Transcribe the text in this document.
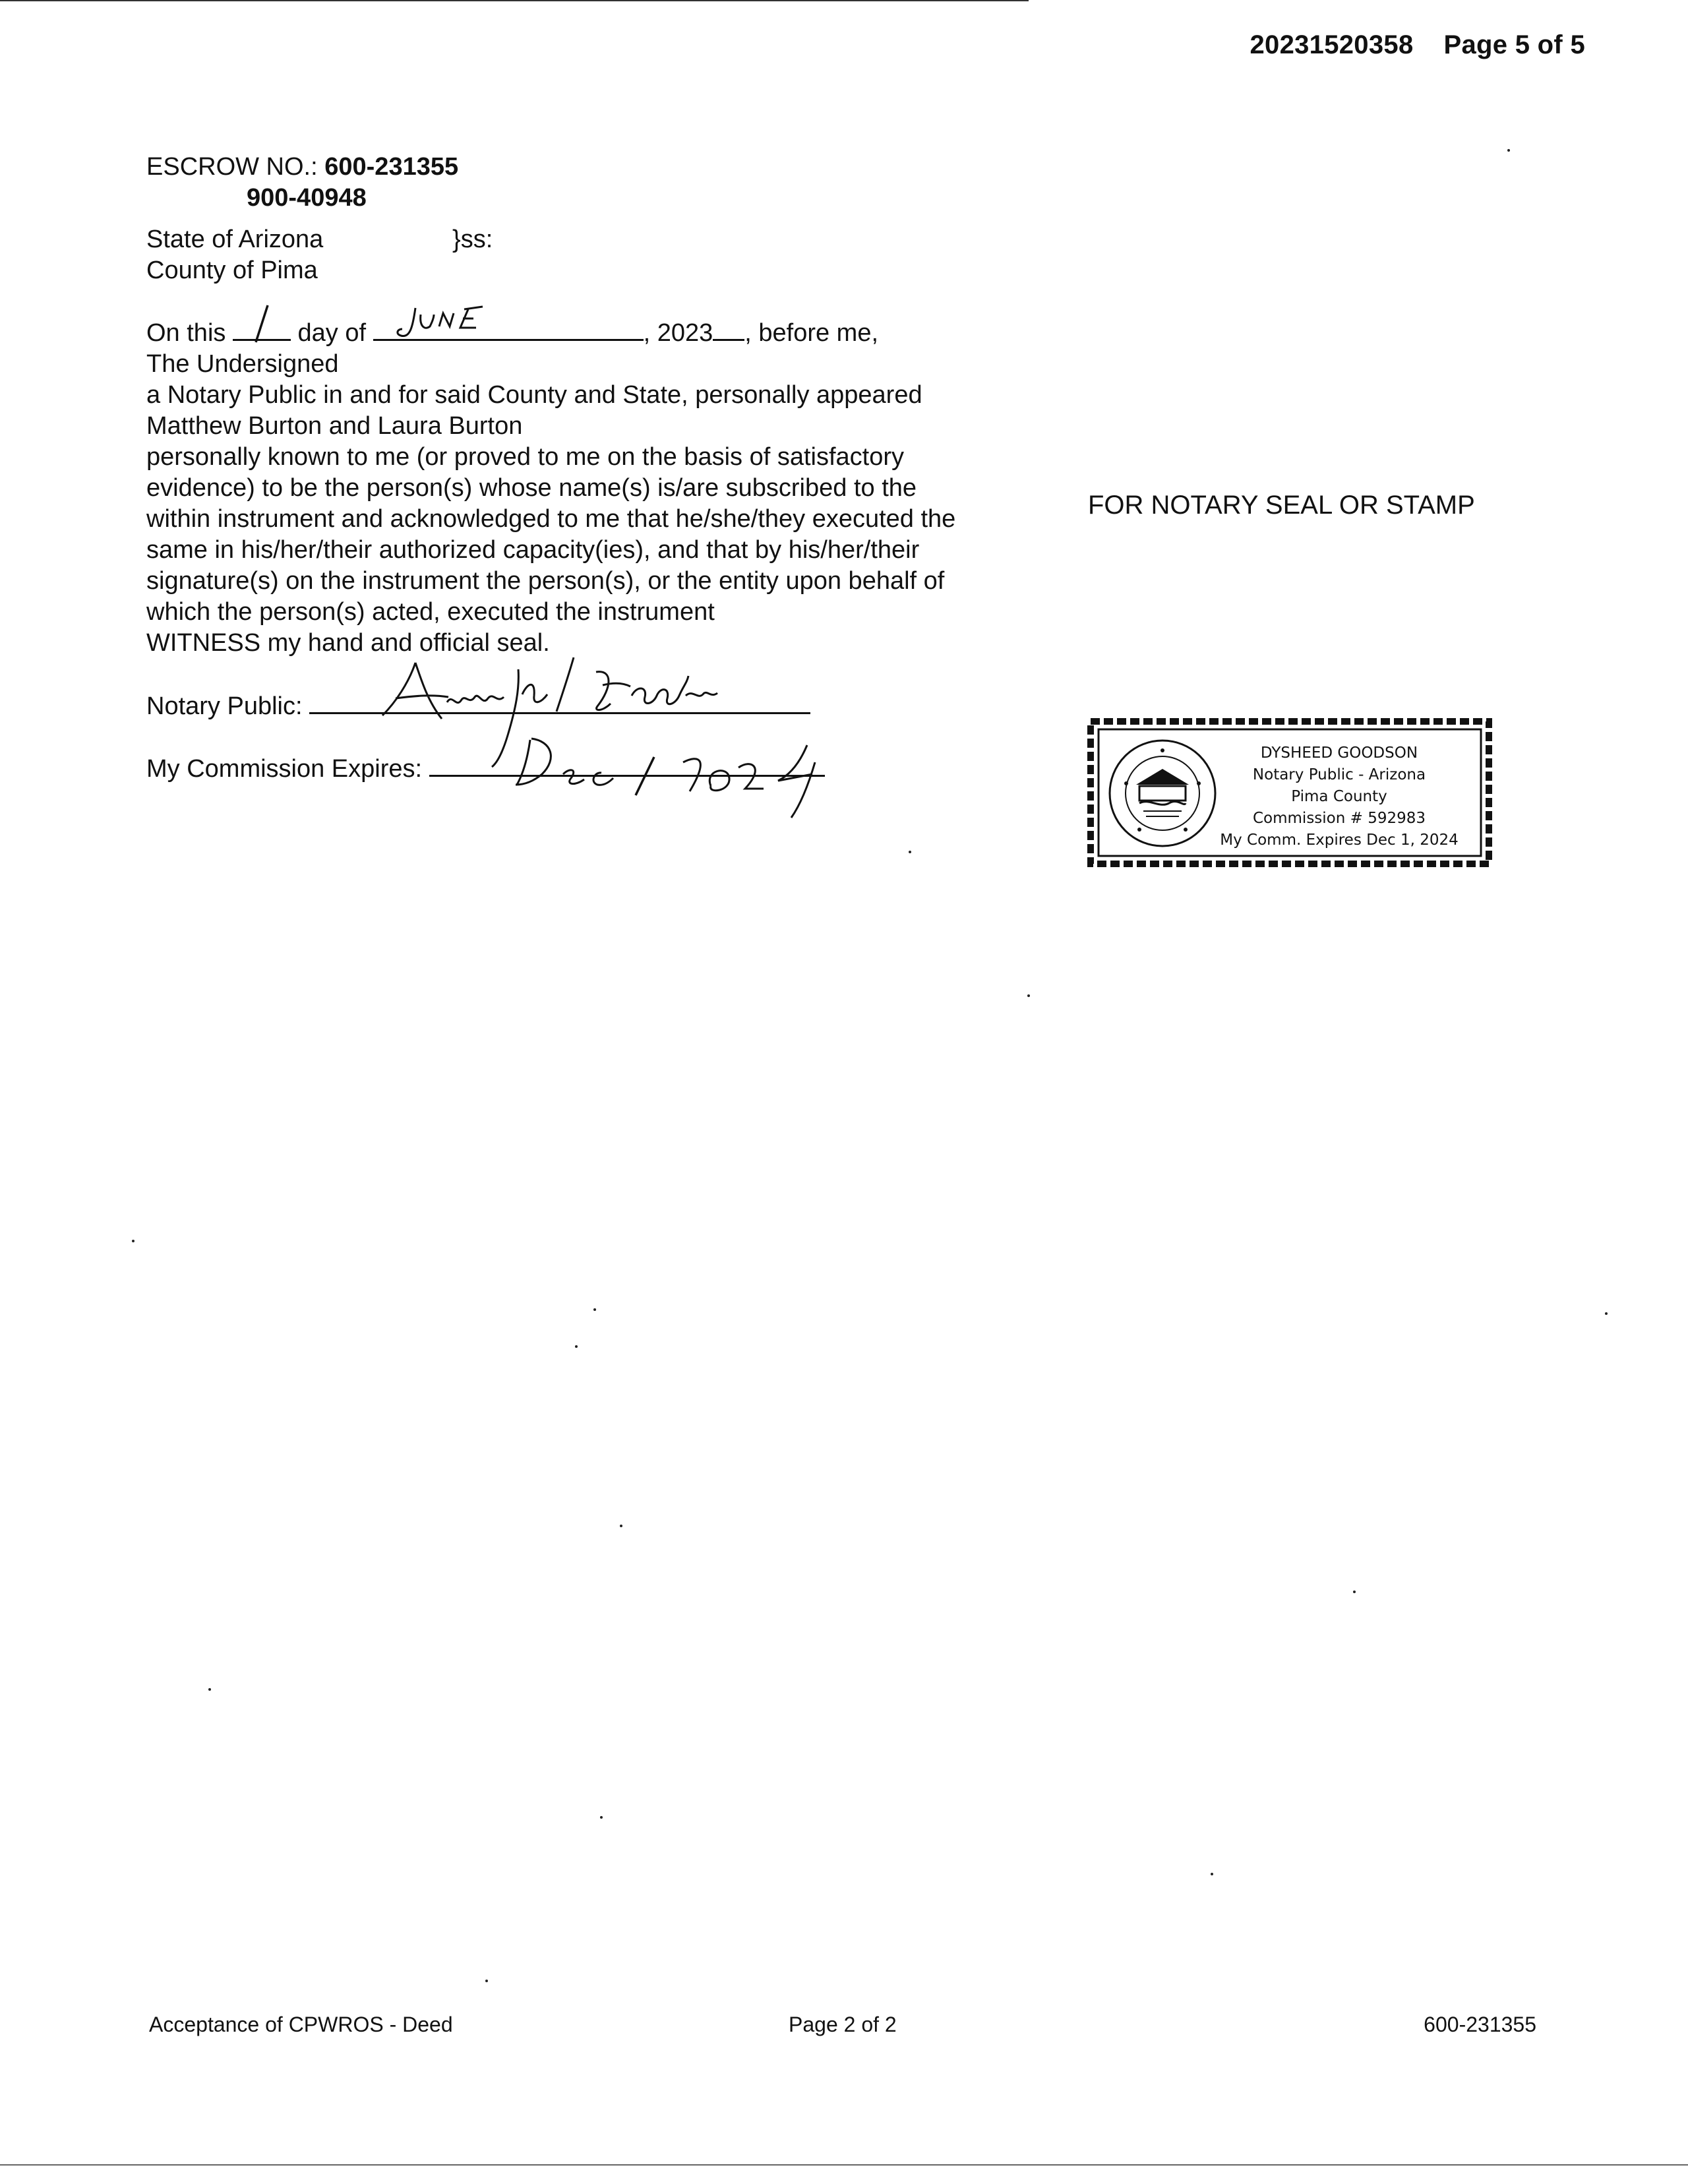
20231520358 Page 5 of 5
ESCROW NO.: 600-231355
900-40948
State of Arizona
County of Pima
}ss:
On this	day of	, 2023 , before me,
The Undersigned
a Notary Public in and for said County and State, personally appeared
Matthew Burton and Laura Burton
personally known to me (or proved to me on the basis of satisfactory
evidence) to be the person(s) whose name(s) is/are subscribed to the
within instrument and acknowledged to me that he/she/they executed the
same in his/her/their authorized capacity(ies), and that by his/her/their
signature(s) on the instrument the person(s), or the entity upon behalf of
which the person(s) acted, executed the instrument
WITNESS my hand and official seal.
Notary Public:
My Commission Expires:
FOR NOTARY SEAL OR STAMP
DYSHEED GOODSON
Notary Public - Arizona
Pima County
Commission # 592983
My Comm. Expires Dec 1, 2024
Acceptance of CPWROS - Deed	Page 2 of 2	600-231355
